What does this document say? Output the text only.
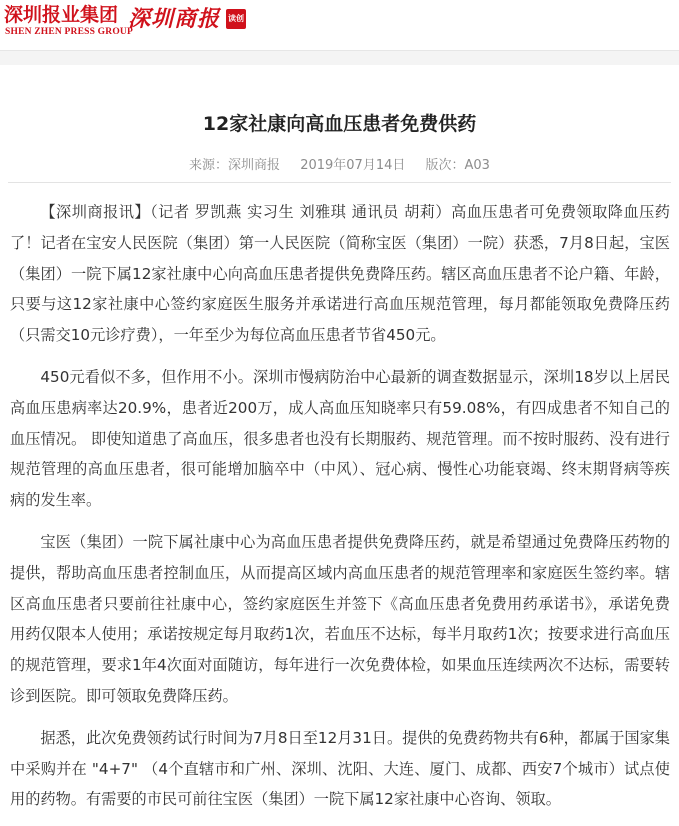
深圳报业集团
SHEN ZHEN PRESS GROUP
深圳商报 读创
12家社康向高血压患者免费供药
来源：深圳商报 2019年07月14日 版次：A03

【深圳商报讯】（记者 罗凯燕 实习生 刘雅琪 通讯员 胡莉）高血压患者可免费领取降血压药了！记者在宝安人民医院（集团）第一人民医院（简称宝医（集团）一院）获悉，7月8日起，宝医（集团）一院下属12家社康中心向高血压患者提供免费降压药。辖区高血压患者不论户籍、年龄，只要与这12家社康中心签约家庭医生服务并承诺进行高血压规范管理，每月都能领取免费降压药（只需交10元诊疗费），一年至少为每位高血压患者节省450元。

450元看似不多，但作用不小。深圳市慢病防治中心最新的调查数据显示，深圳18岁以上居民高血压患病率达20.9%，患者近200万，成人高血压知晓率只有59.08%，有四成患者不知自己的血压情况。 即使知道患了高血压，很多患者也没有长期服药、规范管理。而不按时服药、没有进行规范管理的高血压患者，很可能增加脑卒中（中风）、冠心病、慢性心功能衰竭、终末期肾病等疾病的发生率。

宝医（集团）一院下属社康中心为高血压患者提供免费降压药，就是希望通过免费降压药物的提供，帮助高血压患者控制血压，从而提高区域内高血压患者的规范管理率和家庭医生签约率。辖区高血压患者只要前往社康中心，签约家庭医生并签下《高血压患者免费用药承诺书》，承诺免费用药仅限本人使用；承诺按规定每月取药1次，若血压不达标，每半月取药1次；按要求进行高血压的规范管理，要求1年4次面对面随访，每年进行一次免费体检，如果血压连续两次不达标，需要转诊到医院。即可领取免费降压药。

据悉，此次免费领药试行时间为7月8日至12月31日。提供的免费药物共有6种，都属于国家集中采购并在 "4+7" （4个直辖市和广州、深圳、沈阳、大连、厦门、成都、西安7个城市）试点使用的药物。有需要的市民可前往宝医（集团）一院下属12家社康中心咨询、领取。
